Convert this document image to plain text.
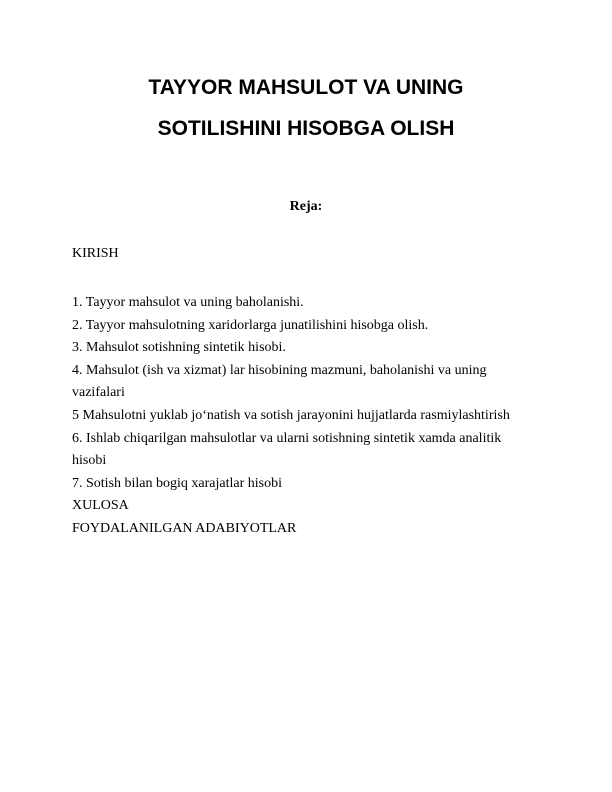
TAYYOR MAHSULOT VA UNING
SOTILISHINI HISOBGA OLISH
Reja:
KIRISH
1. Tayyor mahsulot va uning baholanishi.
2. Tayyor mahsulotning xaridorlarga junatilishini hisobga olish.
3. Mahsulot sotishning sintetik hisobi.
4. Mahsulot (ish va xizmat) lar hisobining mazmuni, baholanishi va uning
vazifalari
5 Mahsulotni yuklab jo‘natish va sotish jarayonini hujjatlarda rasmiylashtirish
6. Ishlab chiqarilgan mahsulotlar va ularni sotishning sintetik xamda analitik
hisobi
7. Sotish bilan bogiq xarajatlar hisobi
XULOSA
FOYDALANILGAN ADABIYOTLAR
